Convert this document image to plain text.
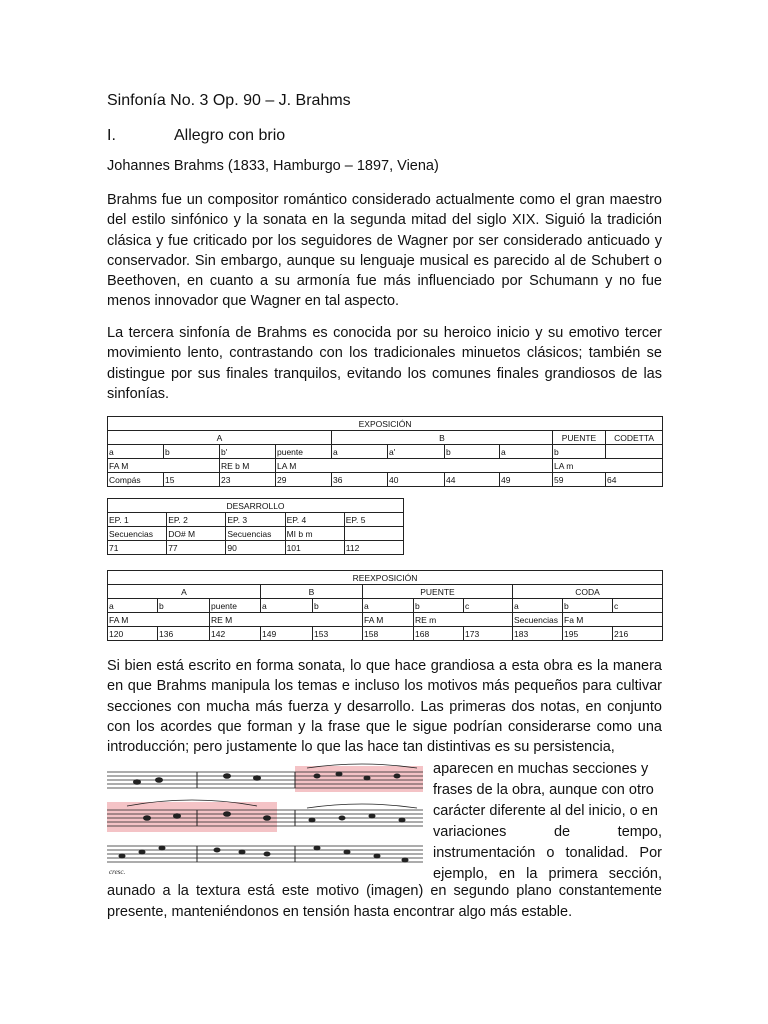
Sinfonía No. 3 Op. 90 – J. Brahms
I.	Allegro con brio
Johannes Brahms (1833, Hamburgo – 1897, Viena)

Brahms fue un compositor romántico considerado actualmente como el gran maestro del estilo sinfónico y la sonata en la segunda mitad del siglo XIX. Siguió la tradición clásica y fue criticado por los seguidores de Wagner por ser considerado anticuado y conservador. Sin embargo, aunque su lenguaje musical es parecido al de Schubert o Beethoven, en cuanto a su armonía fue más influenciado por Schumann y no fue menos innovador que Wagner en tal aspecto.

La tercera sinfonía de Brahms es conocida por su heroico inicio y su emotivo tercer movimiento lento, contrastando con los tradicionales minuetos clásicos; también se distingue por sus finales tranquilos, evitando los comunes finales grandiosos de las sinfonías.

Si bien está escrito en forma sonata, lo que hace grandiosa a esta obra es la manera en que Brahms manipula los temas e incluso los motivos más pequeños para cultivar secciones con mucha más fuerza y desarrollo. Las primeras dos notas, en conjunto con los acordes que forman y la frase que le sigue podrían considerarse como una introducción; pero justamente lo que las hace tan distintivas es su persistencia,

aparecen en muchas secciones y
frases de la obra, aunque con otro
carácter diferente al del inicio, o en
variaciones de tempo,
instrumentación o tonalidad. Por
ejemplo, en la primera sección,

aunado a la textura está este motivo (imagen) en segundo plano constantemente presente, manteniéndonos en tensión hasta encontrar algo más estable.

EXPOSICIÓN									
A				B				PUENTE	CODETTA
a	b	b'	puente	a	a'	b	a	b	
FA M		RE b M	LA M					LA m	
Compás	15	23	29	36	40	44	49	59	64
DESARROLLO				
EP. 1	EP. 2	EP. 3	EP. 4	EP. 5
Secuencias	DO# M	Secuencias	MI b m	
71	77	90	101	112
REEXPOSICIÓN										
A			B		PUENTE			CODA		
a	b	puente	a	b	a	b	c	a	b	c
FA M		RE M			FA M	RE m		Secuencias	Fa M	
120	136	142	149	153	158	168	173	183	195	216
cresc.
